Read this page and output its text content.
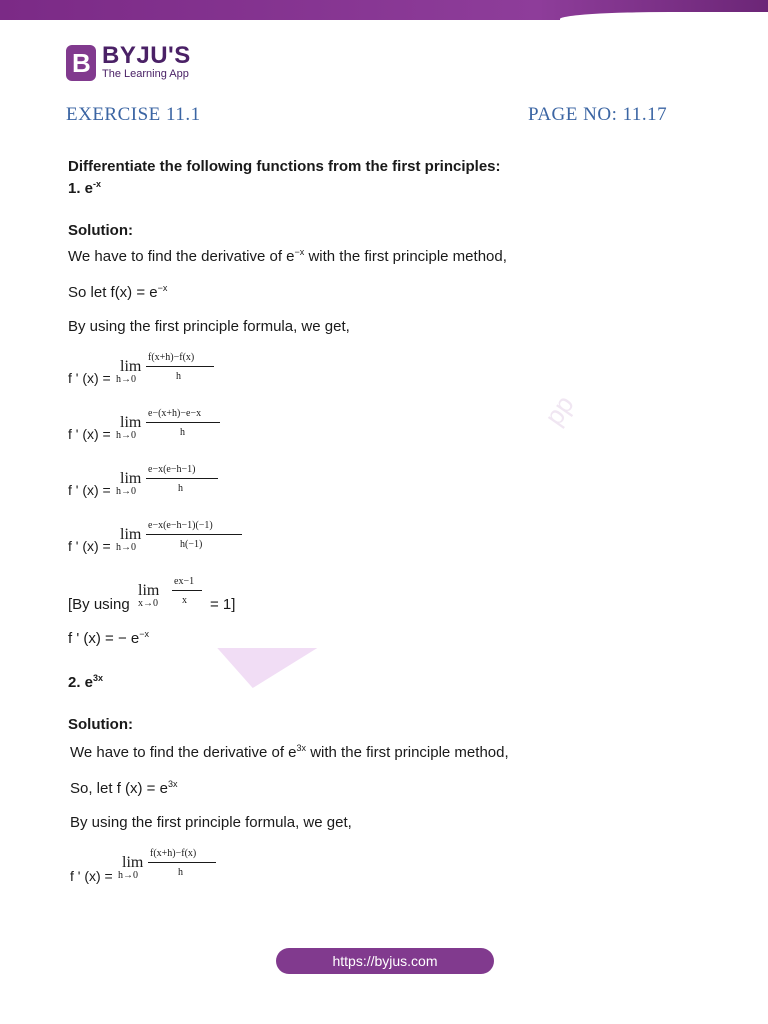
B BYJU'S
The Learning App
EXERCISE 11.1	PAGE NO: 11.17
pp
Differentiate the following functions from the first principles:
1. $e^{-x}$
Solution:
We have to find the derivative of $e^{-x}$ with the first principle method,
So let $f(x) = e^{-x}$
By using the first principle formula, we get,
f ' (x) =
lim
h→0
f(x+h)−f(x)
h
f ' (x) =
lim
h→0
e−(x+h)−e−x
h
f ' (x) =
lim
h→0
e−x(e−h−1)
h
f ' (x) =
lim
h→0
e−x(e−h−1)(−1)
h(−1)
[By using
lim
x→0
ex−1
x = 1]
f ' (x) = − $e^{-x}$
2. $e^{3x}$
Solution:
We have to find the derivative of $e^{3x}$ with the first principle method,
So, let f $(x) = e^{3x}$
By using the first principle formula, we get,
f ' (x) =
lim
h→0
f(x+h)−f(x)
h
https://byjus.com
